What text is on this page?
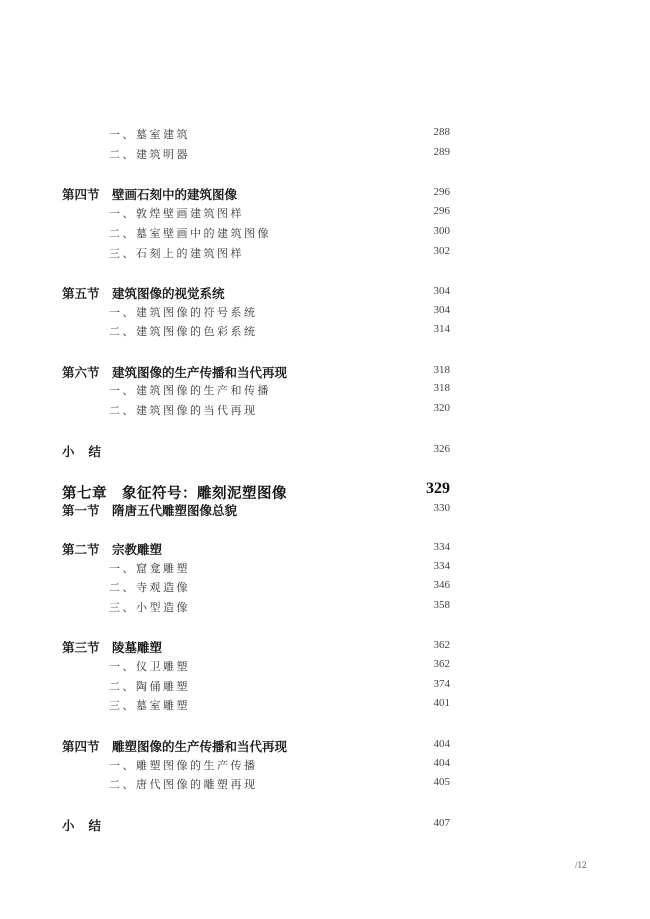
一、墓室建筑	288
二、建筑明器	289
第四节　壁画石刻中的建筑图像	296
一、敦煌壁画建筑图样	296
二、墓室壁画中的建筑图像	300
三、石刻上的建筑图样	302
第五节　建筑图像的视觉系统	304
一、建筑图像的符号系统	304
二、建筑图像的色彩系统	314
第六节　建筑图像的生产传播和当代再现	318
一、建筑图像的生产和传播	318
二、建筑图像的当代再现	320
小结	326
第七章　象征符号：雕刻泥塑图像	329
第一节　隋唐五代雕塑图像总貌	330
第二节　宗教雕塑	334
一、窟龛雕塑	334
二、寺观造像	346
三、小型造像	358
第三节　陵墓雕塑	362
一、仪卫雕塑	362
二、陶俑雕塑	374
三、墓室雕塑	401
第四节　雕塑图像的生产传播和当代再现	404
一、雕塑图像的生产传播	404
二、唐代图像的雕塑再现	405
小结	407
/12
